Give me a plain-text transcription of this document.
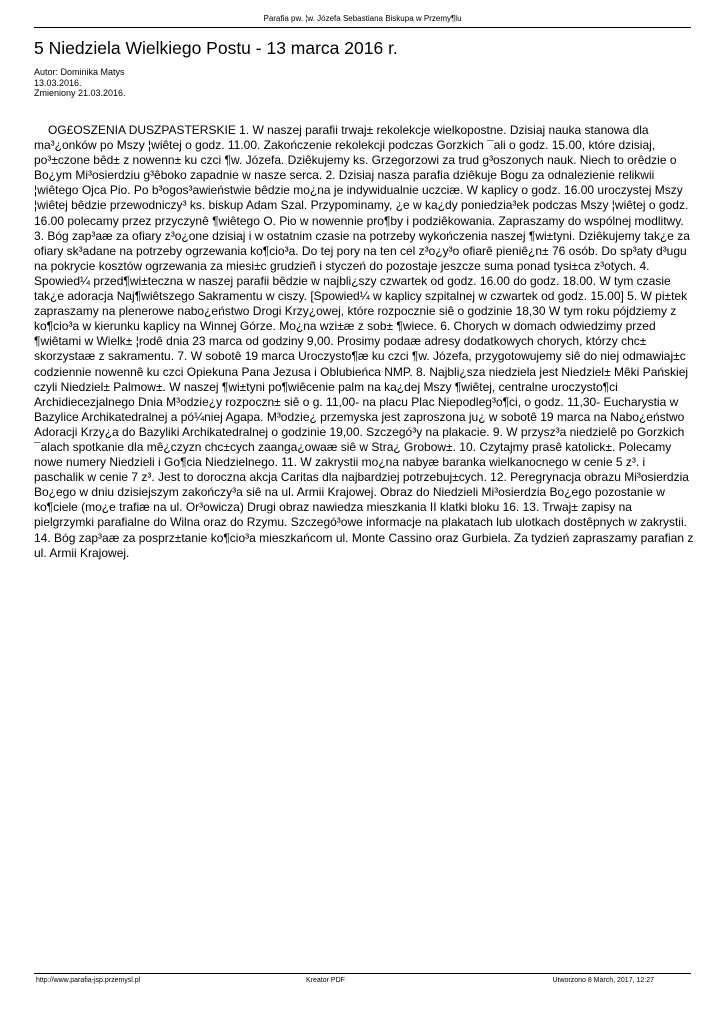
Parafia pw. ¦w. Józefa Sebastiana Biskupa w Przemy¶lu
5 Niedziela Wielkiego Postu - 13 marca 2016 r.
Autor: Dominika Matys
13.03.2016.
Zmieniony 21.03.2016.

OG£OSZENIA DUSZPASTERSKIE 1. W naszej parafii trwaj± rekolekcje wielkopostne. Dzisiaj nauka stanowa dla ma³¿onków po Mszy ¦wiêtej o godz. 11.00. Zakończenie rekolekcji podczas Gorzkich ¯ali o godz. 15.00, które dzisiaj, po³±czone bêd± z nowenn± ku czci ¶w. Józefa. Dziêkujemy ks. Grzegorzowi za trud g³oszonych nauk. Niech to orêdzie o Bo¿ym Mi³osierdziu g³êboko zapadnie w nasze serca. 2. Dzisiaj nasza parafia dziêkuje Bogu za odnalezienie relikwii ¦wiêtego Ojca Pio. Po b³ogos³awieństwie bêdzie mo¿na je indywidualnie uczciæ. W kaplicy o godz. 16.00 uroczystej Mszy ¦wiêtej bêdzie przewodniczy³ ks. biskup Adam Szal. Przypominamy, ¿e w ka¿dy poniedzia³ek podczas Mszy ¦wiêtej o godz. 16.00 polecamy przez przyczynê ¶wiêtego O. Pio w nowennie pro¶by i podziêkowania. Zapraszamy do wspólnej modlitwy. 3. Bóg zap³aæ za ofiary z³o¿one dzisiaj i w ostatnim czasie na potrzeby wykończenia naszej ¶wi±tyni. Dziêkujemy tak¿e za ofiary sk³adane na potrzeby ogrzewania ko¶cio³a. Do tej pory na ten cel z³o¿y³o ofiarê pieniê¿n± 76 osób. Do sp³aty d³ugu na pokrycie kosztów ogrzewania za miesi±c grudzieñ i styczeń do pozostaje jeszcze suma ponad tysi±ca z³otych. 4. Spowied¼ przed¶wi±teczna w naszej parafii bêdzie w najbli¿szy czwartek od godz. 16.00 do godz. 18.00. W tym czasie tak¿e adoracja Naj¶wiêtszego Sakramentu w ciszy. [Spowied¼ w kaplicy szpitalnej w czwartek od godz. 15.00] 5. W pi±tek zapraszamy na plenerowe nabo¿eństwo Drogi Krzy¿owej, które rozpocznie siê o godzinie 18,30 W tym roku pójdziemy z ko¶cio³a w kierunku kaplicy na Winnej Górze. Mo¿na wzi±æ z sob± ¶wiece. 6. Chorych w domach odwiedzimy przed ¶wiêtami w Wielk± ¦rodê dnia 23 marca od godziny 9,00. Prosimy podaæ adresy dodatkowych chorych, którzy chc± skorzystaæ z sakramentu. 7. W sobotê 19 marca Uroczysto¶æ ku czci ¶w. Józefa, przygotowujemy siê do niej odmawiaj±c codziennie nowennê ku czci Opiekuna Pana Jezusa i Oblubieńca NMP. 8. Najbli¿sza niedziela jest Niedziel± Mêki Pańskiej czyli Niedziel± Palmow±. W naszej ¶wi±tyni po¶wiêcenie palm na ka¿dej Mszy ¶wiêtej, centralne uroczysto¶ci Archidiecezjalnego Dnia M³odzie¿y rozpoczn± siê o g. 11,00- na placu Plac Niepodleg³o¶ci, o godz. 11,30- Eucharystia w Bazylice Archikatedralnej a pó¼niej Agapa. M³odzie¿ przemyska jest zaproszona ju¿ w sobotê 19 marca na Nabo¿eństwo Adoracji Krzy¿a do Bazyliki Archikatedralnej o godzinie 19,00. Szczegó³y na plakacie. 9. W przysz³a niedzielê po Gorzkich ¯alach spotkanie dla mê¿czyzn chc±cych zaanga¿owaæ siê w Stra¿ Grobow±. 10. Czytajmy prasê katolick±. Polecamy nowe numery Niedzieli i Go¶cia Niedzielnego. 11. W zakrystii mo¿na nabyæ baranka wielkanocnego w cenie 5 z³. i paschalik w cenie 7 z³. Jest to doroczna akcja Caritas dla najbardziej potrzebuj±cych. 12. Peregrynacja obrazu Mi³osierdzia Bo¿ego w dniu dzisiejszym zakończy³a siê na ul. Armii Krajowej. Obraz do Niedzieli Mi³osierdzia Bo¿ego pozostanie w ko¶ciele (mo¿e trafiæ na ul. Or³owicza) Drugi obraz nawiedza mieszkania II klatki bloku 16. 13. Trwaj± zapisy na pielgrzymki parafialne do Wilna oraz do Rzymu. Szczegó³owe informacje na plakatach lub ulotkach dostêpnych w zakrystii. 14. Bóg zap³aæ za posprz±tanie ko¶cio³a mieszkańcom ul. Monte Cassino oraz Gurbiela. Za tydzień zapraszamy parafian z ul. Armii Krajowej.

http://www.parafia-jsp.przemysl.pl	Kreator PDF	Utworzono 8 March, 2017, 12:27
